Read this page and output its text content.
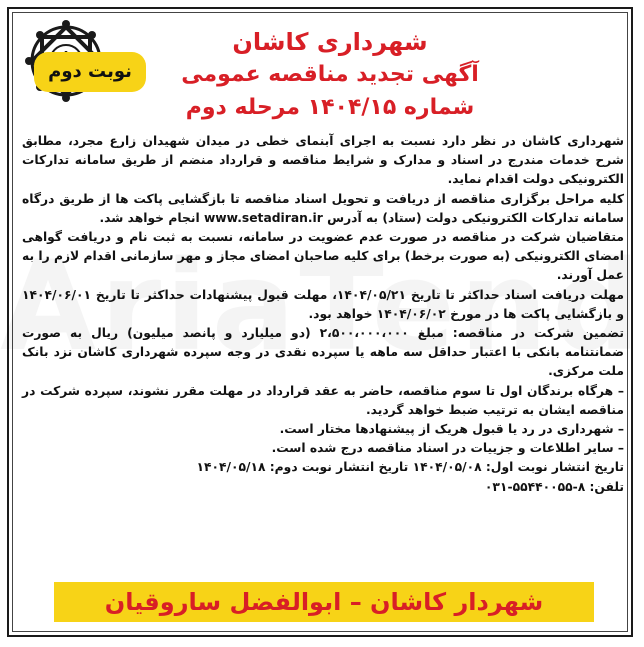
نوبت دوم
شهرداری کاشان
آگهی تجدید مناقصه عمومی
شماره ۱۴۰۴/۱۵ مرحله دوم

شهرداری کاشان در نظر دارد نسبت به اجرای آبنمای خطی در میدان شهیدان زارع مجرد، مطابق شرح خدمات مندرج در اسناد و مدارک و شرایط مناقصه و قرارداد منضم از طریق سامانه تدارکات الکترونیکی دولت اقدام نماید.

کلیه مراحل برگزاری مناقصه از دریافت و تحویل اسناد مناقصه تا بازگشایی پاکت ها از طریق درگاه سامانه تدارکات الکترونیکی دولت (ستاد) به آدرس www.setadiran.ir انجام خواهد شد.

متقاضیان شرکت در مناقصه در صورت عدم عضویت در سامانه، نسبت به ثبت نام و دریافت گواهی امضای الکترونیکی (به صورت برخط) برای کلیه صاحبان امضای مجاز و مهر سازمانی اقدام لازم را به عمل آورند.

مهلت دریافت اسناد حداکثر تا تاریخ ۱۴۰۴/۰۵/۲۱، مهلت قبول پیشنهادات حداکثر تا تاریخ ۱۴۰۴/۰۶/۰۱ و بازگشایی پاکت ها در مورخ ۱۴۰۴/۰۶/۰۲ خواهد بود.

تضمین شرکت در مناقصه: مبلغ ۲،۵۰۰،۰۰۰،۰۰۰ (دو میلیارد و پانصد میلیون) ریال به صورت ضمانتنامه بانکی با اعتبار حداقل سه ماهه یا سپرده نقدی در وجه سپرده شهرداری کاشان نزد بانک ملت مرکزی.

– هرگاه برندگان اول تا سوم مناقصه، حاضر به عقد قرارداد در مهلت مقرر نشوند، سپرده شرکت در مناقصه ایشان به ترتیب ضبط خواهد گردید.

– شهرداری در رد یا قبول هریک از پیشنهادها مختار است.

– سایر اطلاعات و جزییات در اسناد مناقصه درج شده است.

تاریخ انتشار نوبت اول: ۱۴۰۴/۰۵/۰۸ تاریخ انتشار نوبت دوم: ۱۴۰۴/۰۵/۱۸

تلفن: ۸-۵۵۴۴۰۰۵۵-۰۳۱

شهردار کاشان – ابوالفضل ساروقیان
